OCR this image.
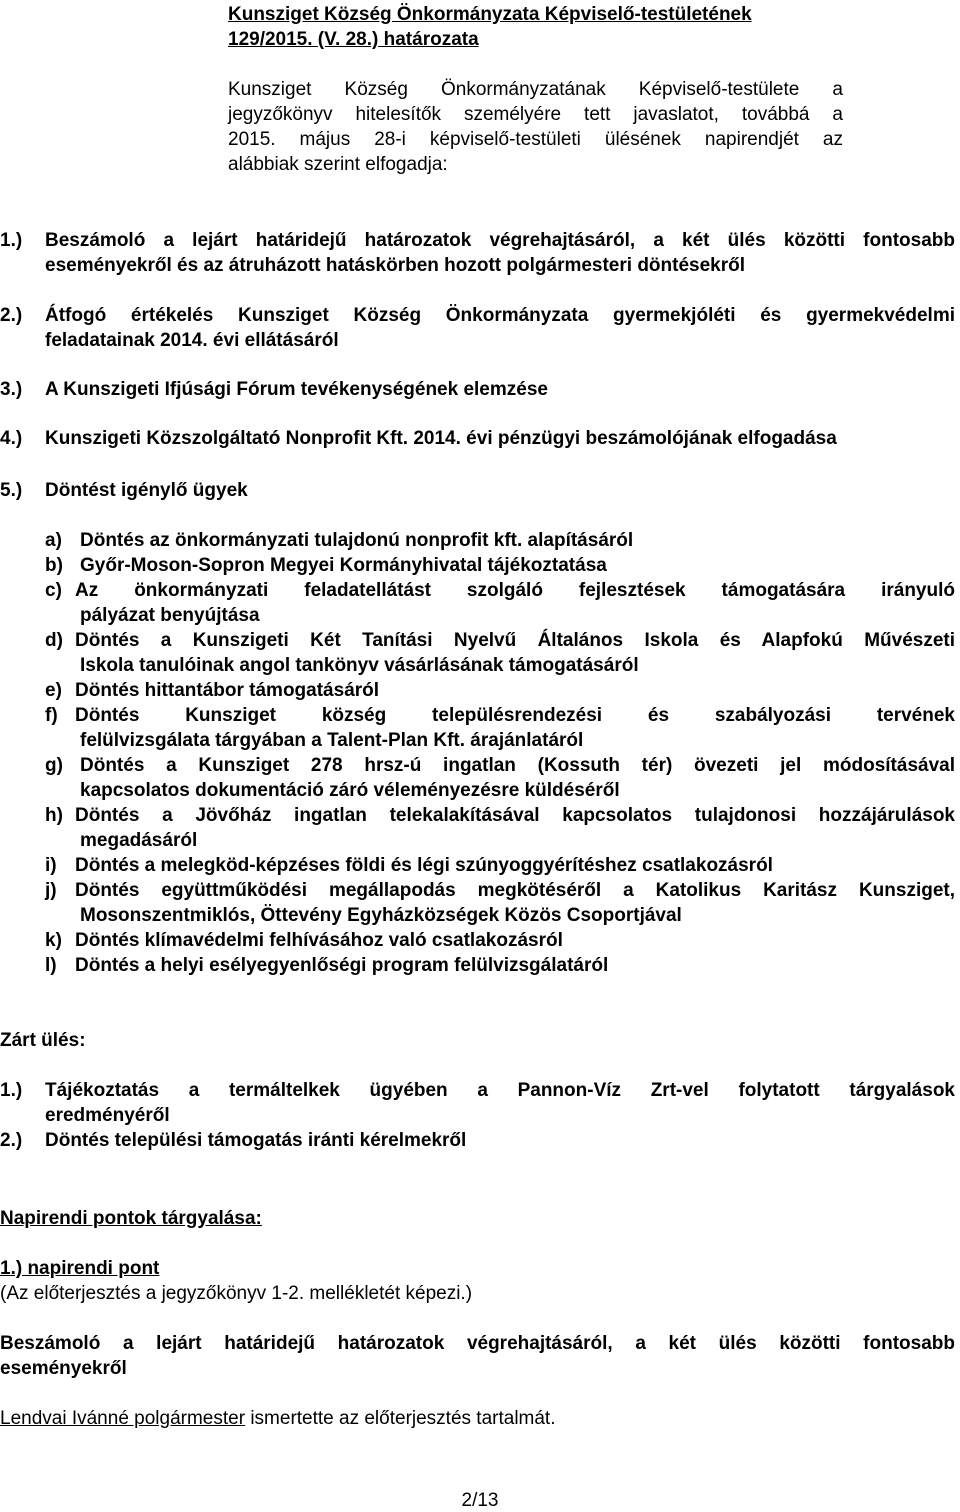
Kunsziget Község Önkormányzata Képviselő-testületének
129/2015. (V. 28.) határozata
Kunsziget Község Önkormányzatának Képviselő-testülete a
jegyzőkönyv hitelesítők személyére tett javaslatot, továbbá a
2015. május 28-i képviselő-testületi ülésének napirendjét az
alábbiak szerint elfogadja:
1.) Beszámoló a lejárt határidejű határozatok végrehajtásáról, a két ülés közötti fontosabb
eseményekről és az átruházott hatáskörben hozott polgármesteri döntésekről
2.) Átfogó értékelés Kunsziget Község Önkormányzata gyermekjóléti és gyermekvédelmi
feladatainak 2014. évi ellátásáról
3.) A Kunszigeti Ifjúsági Fórum tevékenységének elemzése
4.) Kunszigeti Közszolgáltató Nonprofit Kft. 2014. évi pénzügyi beszámolójának elfogadása
5.) Döntést igénylő ügyek
a) Döntés az önkormányzati tulajdonú nonprofit kft. alapításáról
b) Győr-Moson-Sopron Megyei Kormányhivatal tájékoztatása
c) Az önkormányzati feladatellátást szolgáló fejlesztések támogatására irányuló
pályázat benyújtása
d) Döntés a Kunszigeti Két Tanítási Nyelvű Általános Iskola és Alapfokú Művészeti
Iskola tanulóinak angol tankönyv vásárlásának támogatásáról
e) Döntés hittantábor támogatásáról
f) Döntés Kunsziget község településrendezési és szabályozási tervének
felülvizsgálata tárgyában a Talent-Plan Kft. árajánlatáról
g) Döntés a Kunsziget 278 hrsz-ú ingatlan (Kossuth tér) övezeti jel módosításával
kapcsolatos dokumentáció záró véleményezésre küldéséről
h) Döntés a Jövőház ingatlan telekalakításával kapcsolatos tulajdonosi hozzájárulások
megadásáról
i) Döntés a melegköd-képzéses földi és légi szúnyoggyérítéshez csatlakozásról
j) Döntés együttműködési megállapodás megkötéséről a Katolikus Karitász Kunsziget,
Mosonszentmiklós, Öttevény Egyházközségek Közös Csoportjával
k) Döntés klímavédelmi felhívásához való csatlakozásról
l) Döntés a helyi esélyegyenlőségi program felülvizsgálatáról
Zárt ülés:
1.) Tájékoztatás a termáltelkek ügyében a Pannon-Víz Zrt-vel folytatott tárgyalások
eredményéről
2.) Döntés települési támogatás iránti kérelmekről
Napirendi pontok tárgyalása:
1.) napirendi pont
(Az előterjesztés a jegyzőkönyv 1-2. mellékletét képezi.)
Beszámoló a lejárt határidejű határozatok végrehajtásáról, a két ülés közötti fontosabb
eseményekről
Lendvai Ivánné polgármester ismertette az előterjesztés tartalmát.
2/13
